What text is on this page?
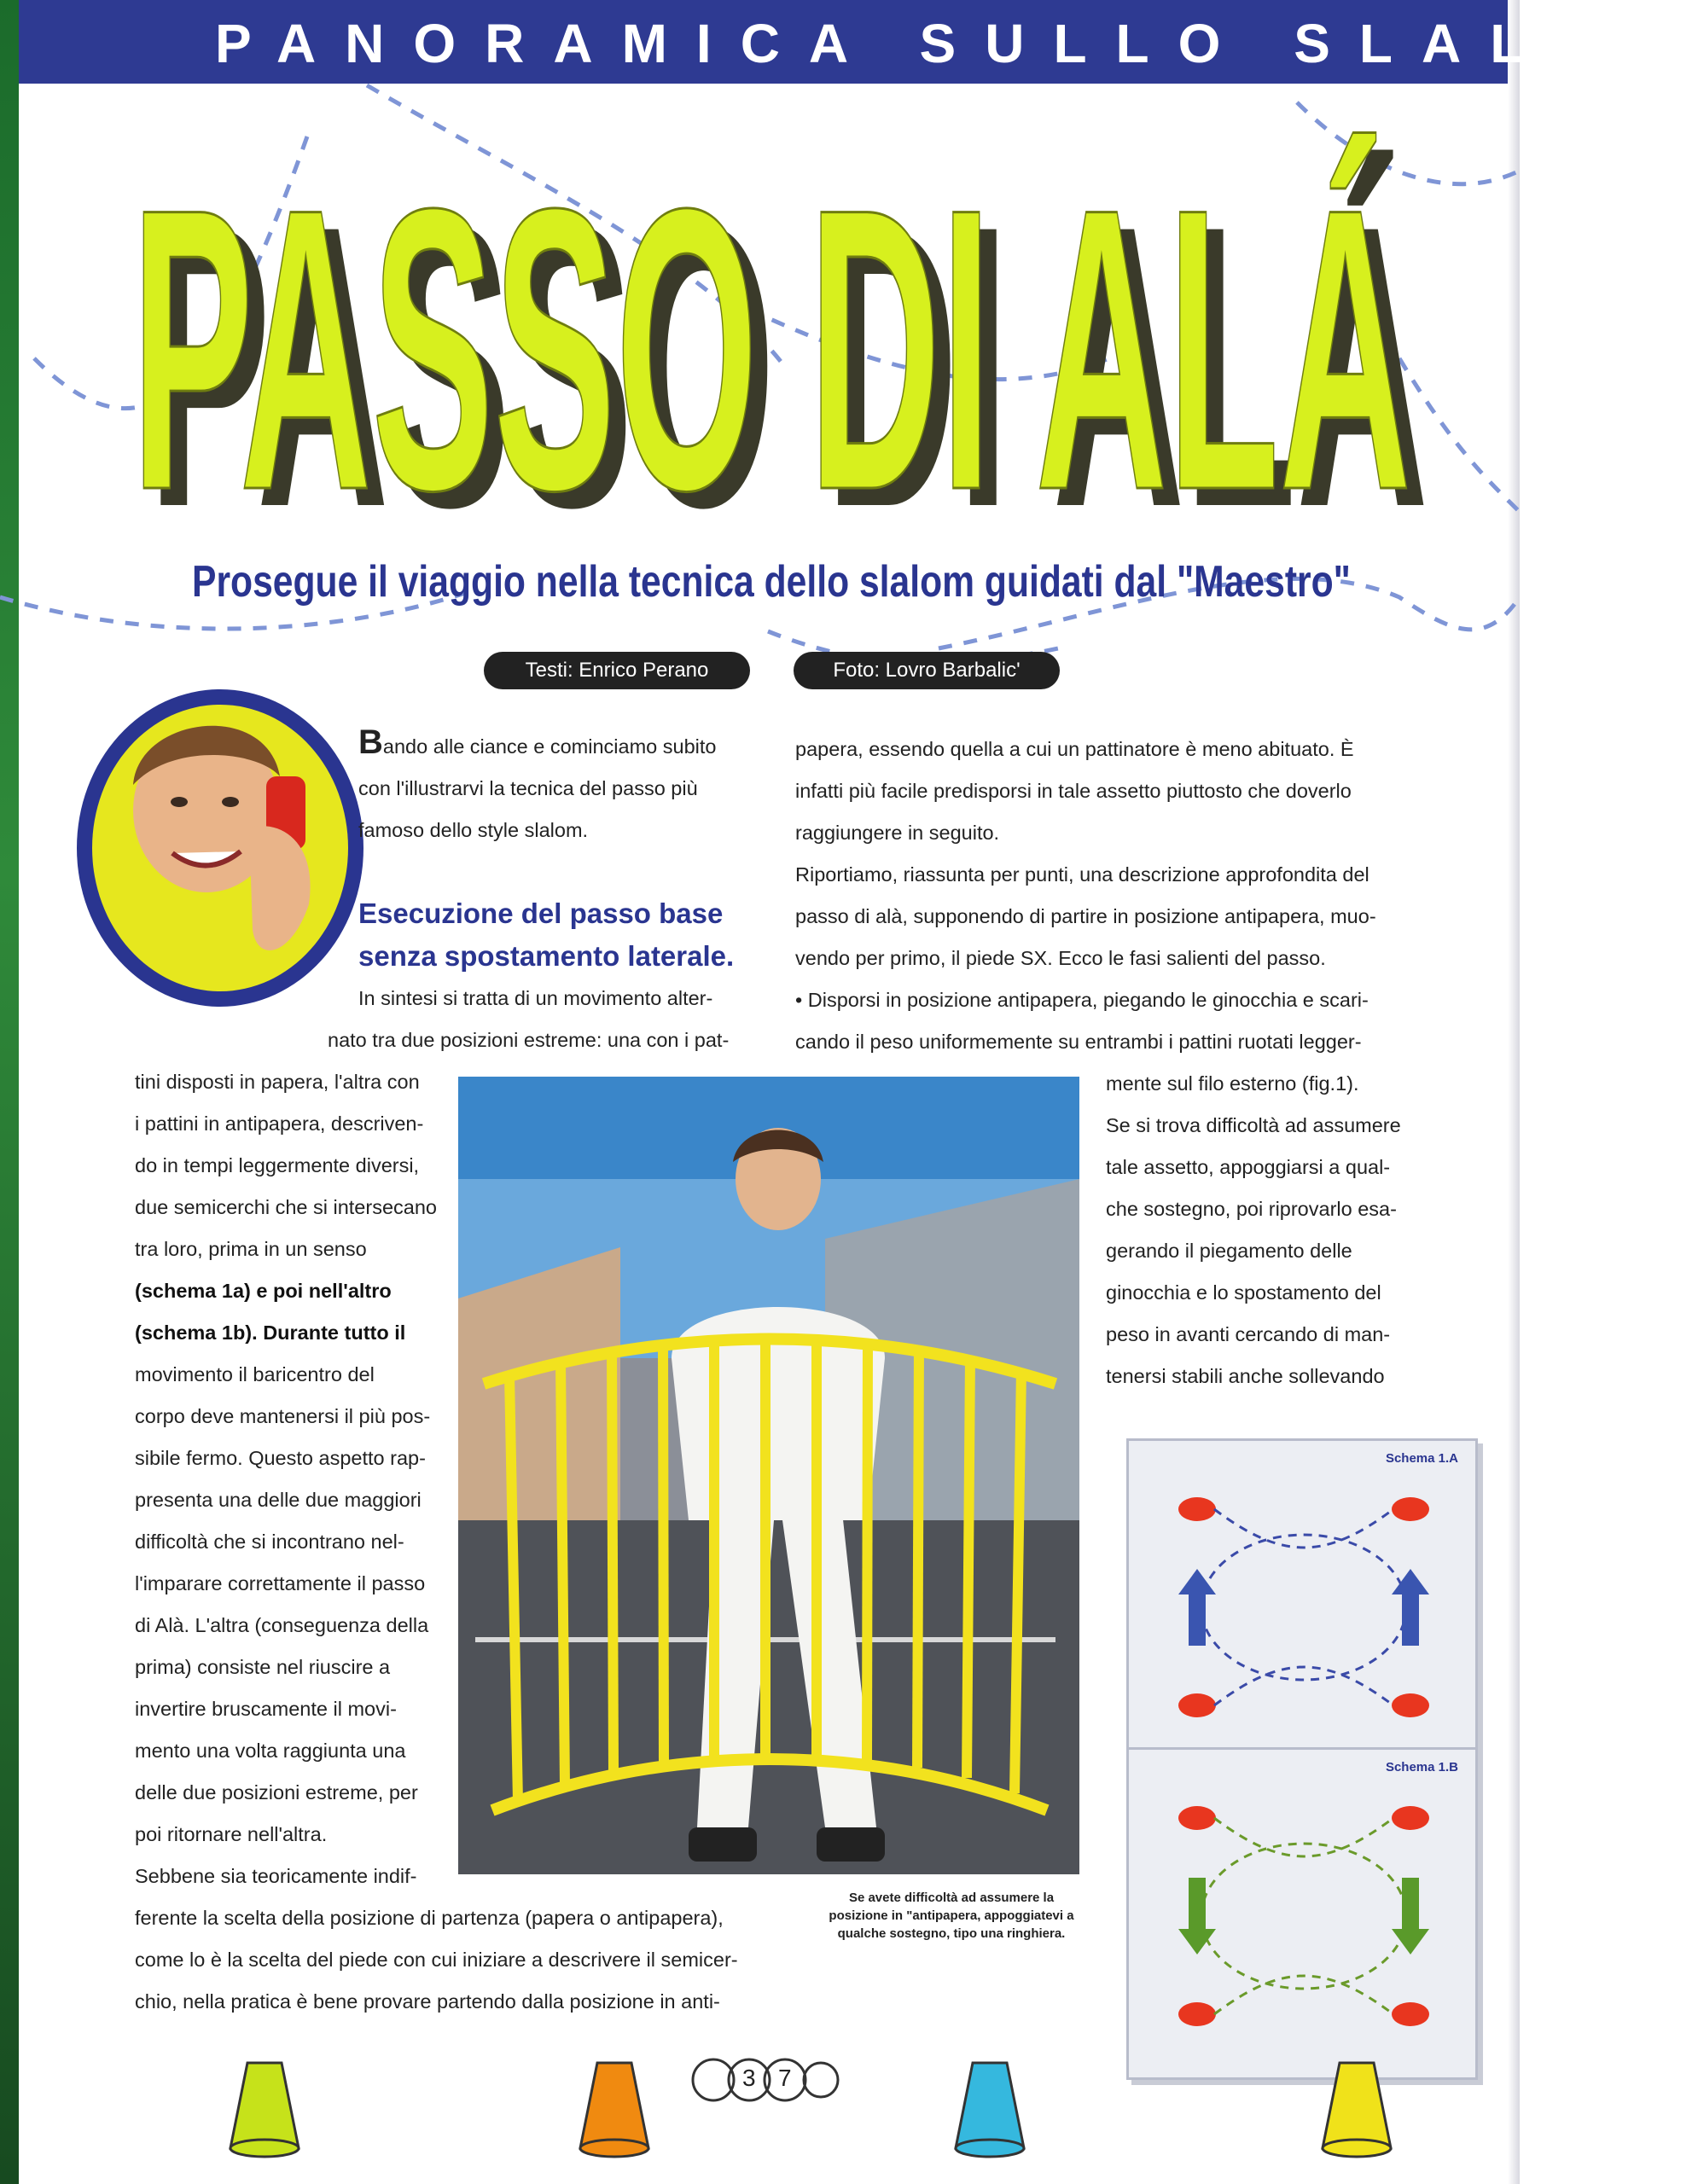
PANORAMICA SULLO SLALOM
PASSO DI ALÁ
PASSO DI ALÁ
Prosegue il viaggio nella tecnica dello slalom guidati dal "Maestro"
Testi: Enrico Perano	Foto: Lovro Barbalic'

Bando alle ciance e cominciamo subito

con l'illustrarvi la tecnica del passo più

famoso dello style slalom.

Esecuzione del passo base
senza spostamento laterale.

In sintesi si tratta di un movimento alter-

nato tra due posizioni estreme: una con i pat-

tini disposti in papera, l'altra con

i pattini in antipapera, descriven-

do in tempi leggermente diversi,

due semicerchi che si intersecano

tra loro, prima in un senso

(schema 1a) e poi nell'altro

(schema 1b). Durante tutto il

movimento il baricentro del

corpo deve mantenersi il più pos-

sibile fermo. Questo aspetto rap-

presenta una delle due maggiori

difficoltà che si incontrano nel-

l'imparare correttamente il passo

di Alà. L'altra (conseguenza della

prima) consiste nel riuscire a

invertire bruscamente il movi-

mento una volta raggiunta una

delle due posizioni estreme, per

poi ritornare nell'altra.

Sebbene sia teoricamente indif-

ferente la scelta della posizione di partenza (papera o antipapera),

come lo è la scelta del piede con cui iniziare a descrivere il semicer-

chio, nella pratica è bene provare partendo dalla posizione in anti-

papera, essendo quella a cui un pattinatore è meno abituato. È

infatti più facile predisporsi in tale assetto piuttosto che doverlo

raggiungere in seguito.

Riportiamo, riassunta per punti, una descrizione approfondita del

passo di alà, supponendo di partire in posizione antipapera, muo-

vendo per primo, il piede SX. Ecco le fasi salienti del passo.

• Disporsi in posizione antipapera, piegando le ginocchia e scari-

cando il peso uniformemente su entrambi i pattini ruotati legger-

mente sul filo esterno (fig.1).

Se si trova difficoltà ad assumere

tale assetto, appoggiarsi a qual-

che sostegno, poi riprovarlo esa-

gerando il piegamento delle

ginocchia e lo spostamento del

peso in avanti cercando di man-

tenersi stabili anche sollevando

Se avete difficoltà ad assumere la posizione in "antipapera, appoggiatevi a qualche sostegno, tipo una ringhiera.
Schema 1.A
Schema 1.B
3 7
